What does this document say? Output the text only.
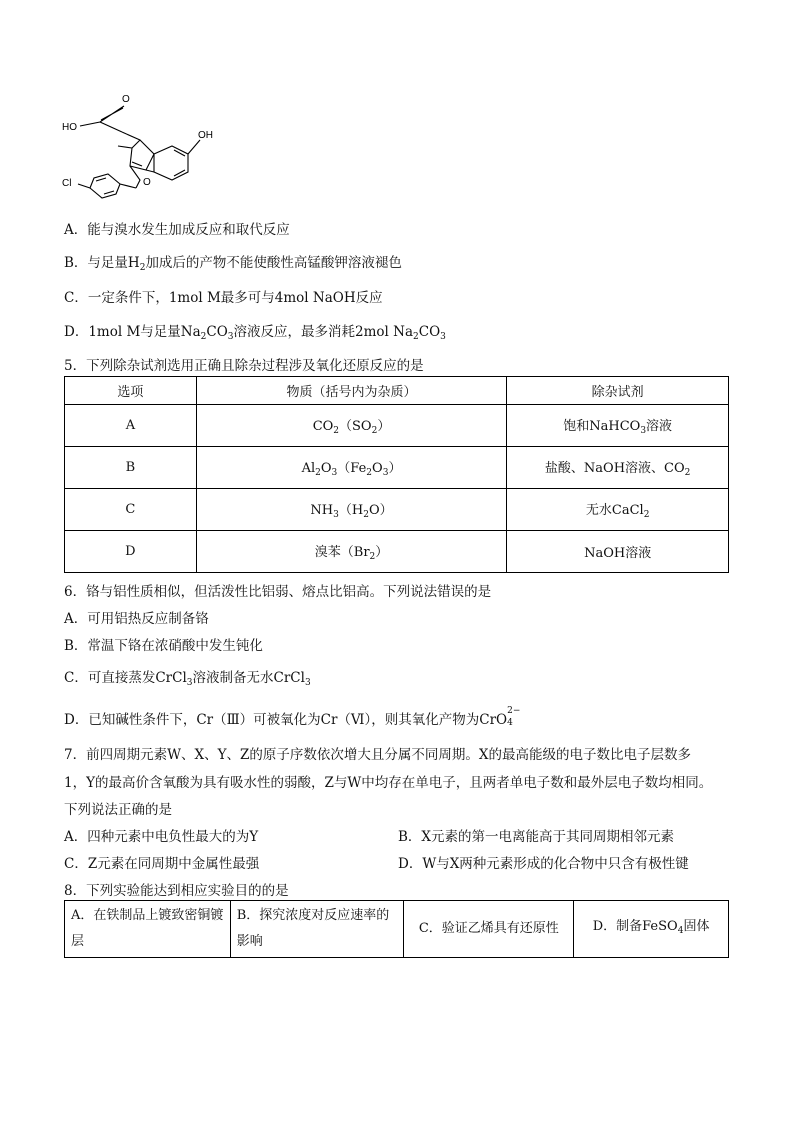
HO
O
OH
O
Cl
A．能与溴水发生加成反应和取代反应
B．与足量$H_2$加成后的产物不能使酸性高锰酸钾溶液褪色
C．一定条件下，1mol M最多可与4mol NaOH反应
D．1mol M与足量$Na_2CO_3$溶液反应，最多消耗2mol $Na_2CO_3$
5．下列除杂试剂选用正确且除杂过程涉及氧化还原反应的是
选项	物质（括号内为杂质）	除杂试剂
A	$CO_2(SO_2)$	饱和NaHCO$_3$溶液
B	$Al_2O_3(Fe_2O_3)$	盐酸、NaOH溶液、$CO_2$
C	$NH_3(H_2O)$	无水CaCl$_2$
D	溴苯$(Br_2)$	NaOH溶液
6．铬与铝性质相似，但活泼性比铝弱、熔点比铝高。下列说法错误的是
A．可用铝热反应制备铬
B．常温下铬在浓硝酸中发生钝化
C．可直接蒸发CrCl$_3$溶液制备无水CrCl$_3$
D．已知碱性条件下，Cr（Ⅲ）可被氧化为Cr（Ⅵ），则其氧化产物为CrO
2−
4
7．前四周期元素W、X、Y、Z的原子序数依次增大且分属不同周期。X的最高能级的电子数比电子层数多
1，Y的最高价含氧酸为具有吸水性的弱酸，Z与W中均存在单电子，且两者单电子数和最外层电子数均相同。
下列说法正确的是
A．四种元素中电负性最大的为Y	B．X元素的第一电离能高于其同周期相邻元素
C．Z元素在同周期中金属性最强	D．W与X两种元素形成的化合物中只含有极性键
8．下列实验能达到相应实验目的的是
A．在铁制品上镀致密铜镀层	B．探究浓度对反应速率的影响	C．验证乙烯具有还原性	D．制备FeSO$_4$固体
